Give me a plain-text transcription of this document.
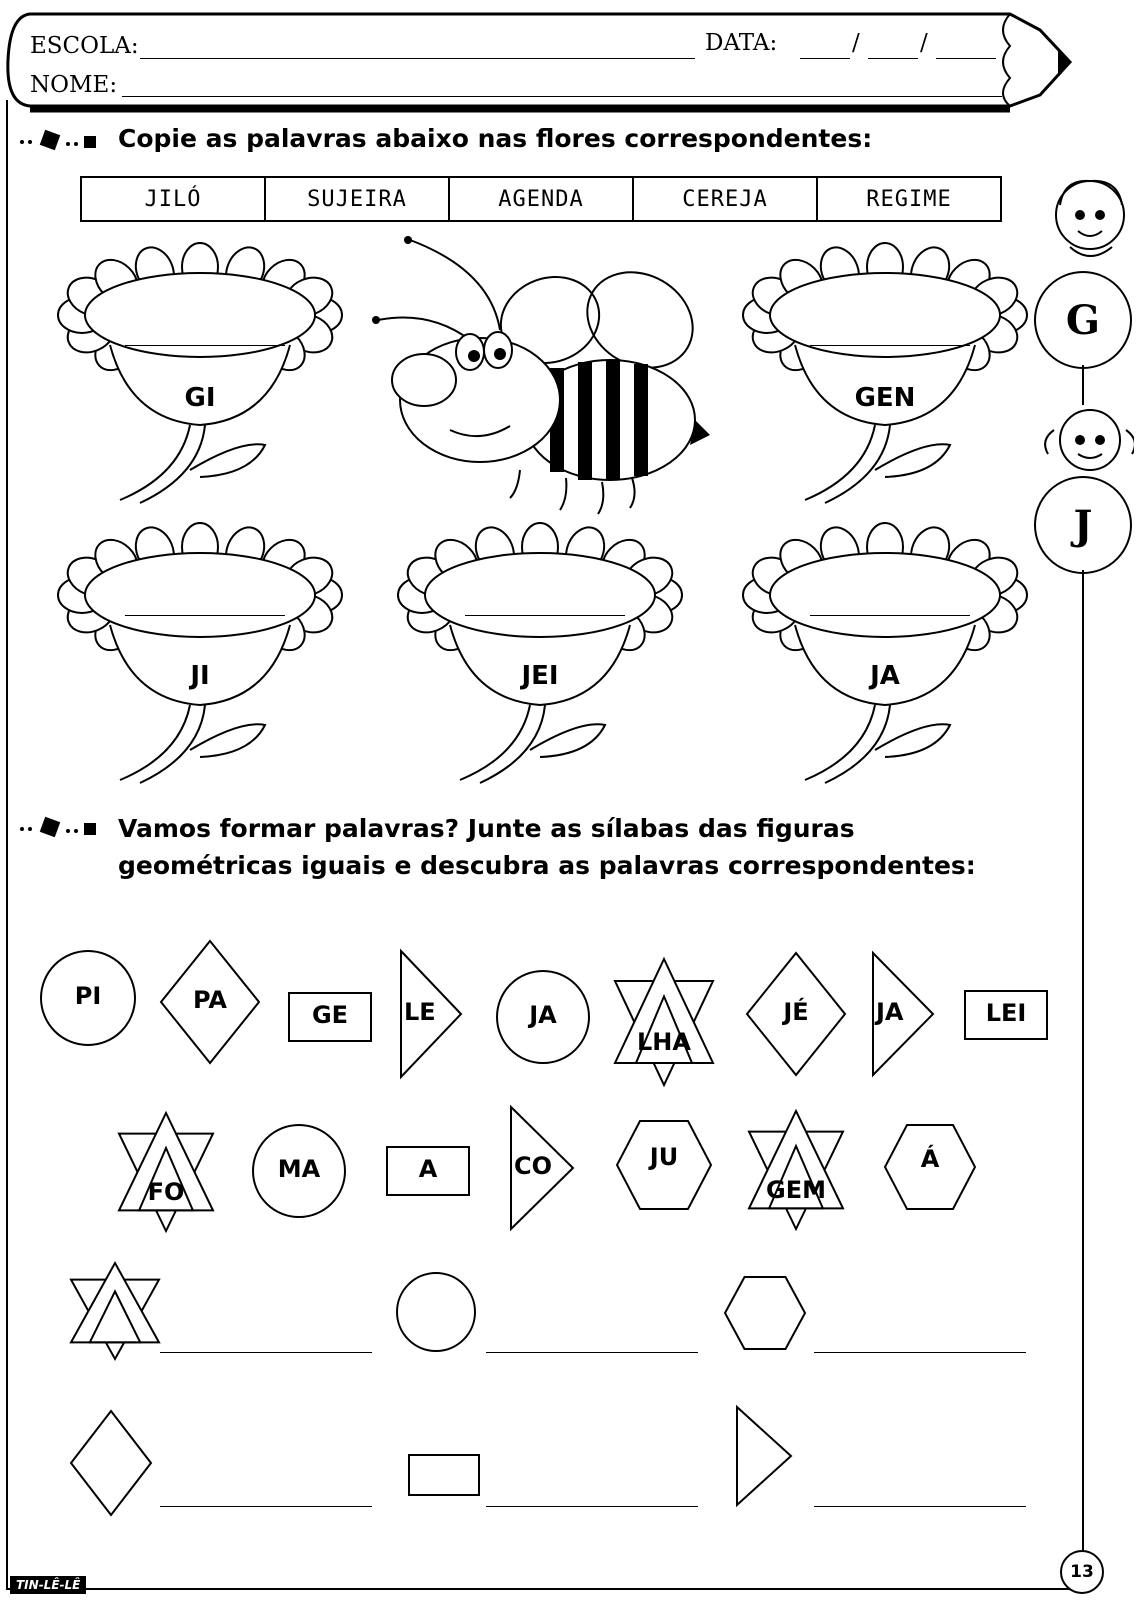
ESCOLA:	DATA:	/	/
NOME:
Copie as palavras abaixo nas flores correspondentes:
JILÓ	SUJEIRA	AGENDA	CEREJA	REGIME
G
J
GI	GEN
JI	JEI	JA
Vamos formar palavras? Junte as sílabas das figuras
geométricas iguais e descubra as palavras correspondentes:
PI	PA
GE	LE	JA
LHA
JÉ	JA	LEI
FO
MA	A	CO	JU
GEM
Á
TIN-LÊ-LÊ
13
